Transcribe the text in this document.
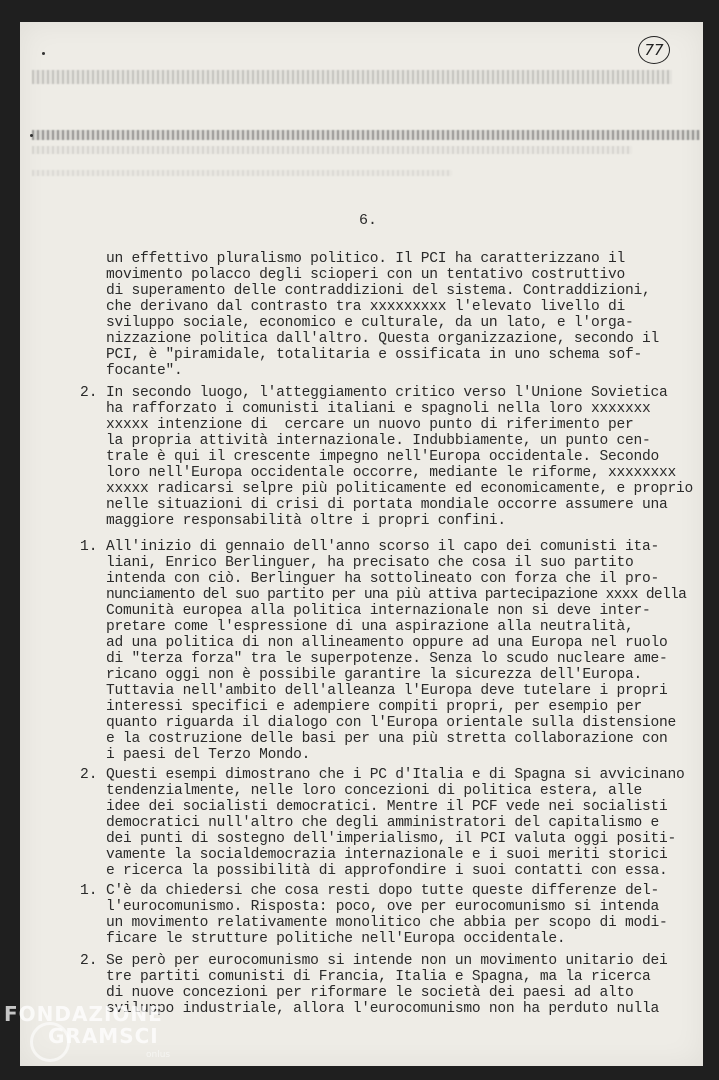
77
6.
2.
1.
2.
1.
2.
un effettivo pluralismo politico. Il PCI ha caratterizzano il
movimento polacco degli scioperi con un tentativo costruttivo
di superamento delle contraddizioni del sistema. Contraddizioni,
che derivano dal contrasto tra xxxxxxxxx l'elevato livello di
sviluppo sociale, economico e culturale, da un lato, e l'orga-
nizzazione politica dall'altro. Questa organizzazione, secondo il
PCI, è "piramidale, totalitaria e ossificata in uno schema sof-
focante".
In secondo luogo, l'atteggiamento critico verso l'Unione Sovietica
ha rafforzato i comunisti italiani e spagnoli nella loro xxxxxxx
xxxxx intenzione di  cercare un nuovo punto di riferimento per
la propria attività internazionale. Indubbiamente, un punto cen-
trale è qui il crescente impegno nell'Europa occidentale. Secondo
loro nell'Europa occidentale occorre, mediante le riforme, xxxxxxxx
xxxxx radicarsi selpre più politicamente ed economicamente, e proprio
nelle situazioni di crisi di portata mondiale occorre assumere una
maggiore responsabilità oltre i propri confini.
All'inizio di gennaio dell'anno scorso il capo dei comunisti ita-
liani, Enrico Berlinguer, ha precisato che cosa il suo partito
intenda con ciò. Berlinguer ha sottolineato con forza che il pro-
nunciamento del suo partito per una più attiva partecipazione xxxx della
Comunità europea alla politica internazionale non si deve inter-
pretare come l'espressione di una aspirazione alla neutralità,
ad una politica di non allineamento oppure ad una Europa nel ruolo
di "terza forza" tra le superpotenze. Senza lo scudo nucleare ame-
ricano oggi non è possibile garantire la sicurezza dell'Europa.
Tuttavia nell'ambito dell'alleanza l'Europa deve tutelare i propri
interessi specifici e adempiere compiti propri, per esempio per
quanto riguarda il dialogo con l'Europa orientale sulla distensione
e la costruzione delle basi per una più stretta collaborazione con
i paesi del Terzo Mondo.
Questi esempi dimostrano che i PC d'Italia e di Spagna si avvicinano
tendenzialmente, nelle loro concezioni di politica estera, alle
idee dei socialisti democratici. Mentre il PCF vede nei socialisti
democratici null'altro che degli amministratori del capitalismo e
dei punti di sostegno dell'imperialismo, il PCI valuta oggi positi-
vamente la socialdemocrazia internazionale e i suoi meriti storici
e ricerca la possibilità di approfondire i suoi contatti con essa.
C'è da chiedersi che cosa resti dopo tutte queste differenze del-
l'eurocomunismo. Risposta: poco, ove per eurocomunismo si intenda
un movimento relativamente monolitico che abbia per scopo di modi-
ficare le strutture politiche nell'Europa occidentale.
Se però per eurocomunismo si intende non un movimento unitario dei
tre partiti comunisti di Francia, Italia e Spagna, ma la ricerca
di nuove concezioni per riformare le società dei paesi ad alto
sviluppo industriale, allora l'eurocomunismo non ha perduto nulla
FONDAZIONE
GRAMSCI
onlus
